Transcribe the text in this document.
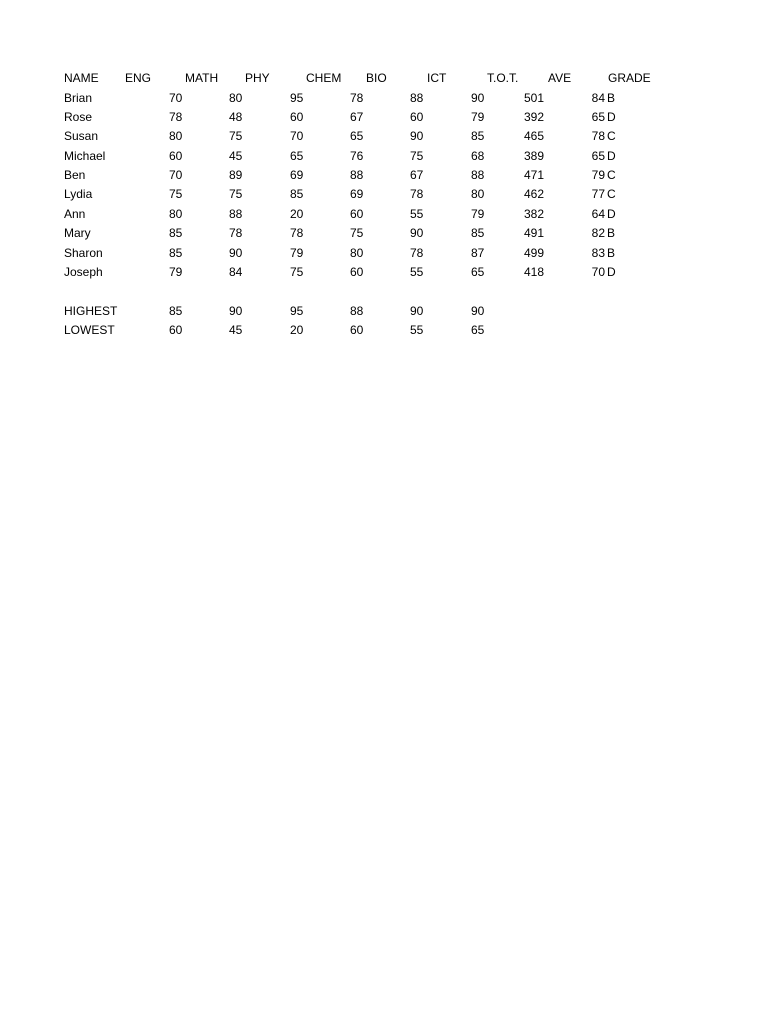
NAME ENG	MATH PHY	CHEM BIO	ICT	T.O.T. AVE	GRADE
Brian	70	80	95	78	88	90	501	84 B
Rose	78	48	60	67	60	79	392	65 D
Susan	80	75	70	65	90	85	465	78 C
Michael	60	45	65	76	75	68	389	65 D
Ben	70	89	69	88	67	88	471	79 C
Lydia	75	75	85	69	78	80	462	77 C
Ann	80	88	20	60	55	79	382	64 D
Mary	85	78	78	75	90	85	491	82 B
Sharon	85	90	79	80	78	87	499	83 B
Joseph	79	84	75	60	55	65	418	70 D
HIGHEST	85	90	95	88	90	90
LOWEST	60	45	20	60	55	65
